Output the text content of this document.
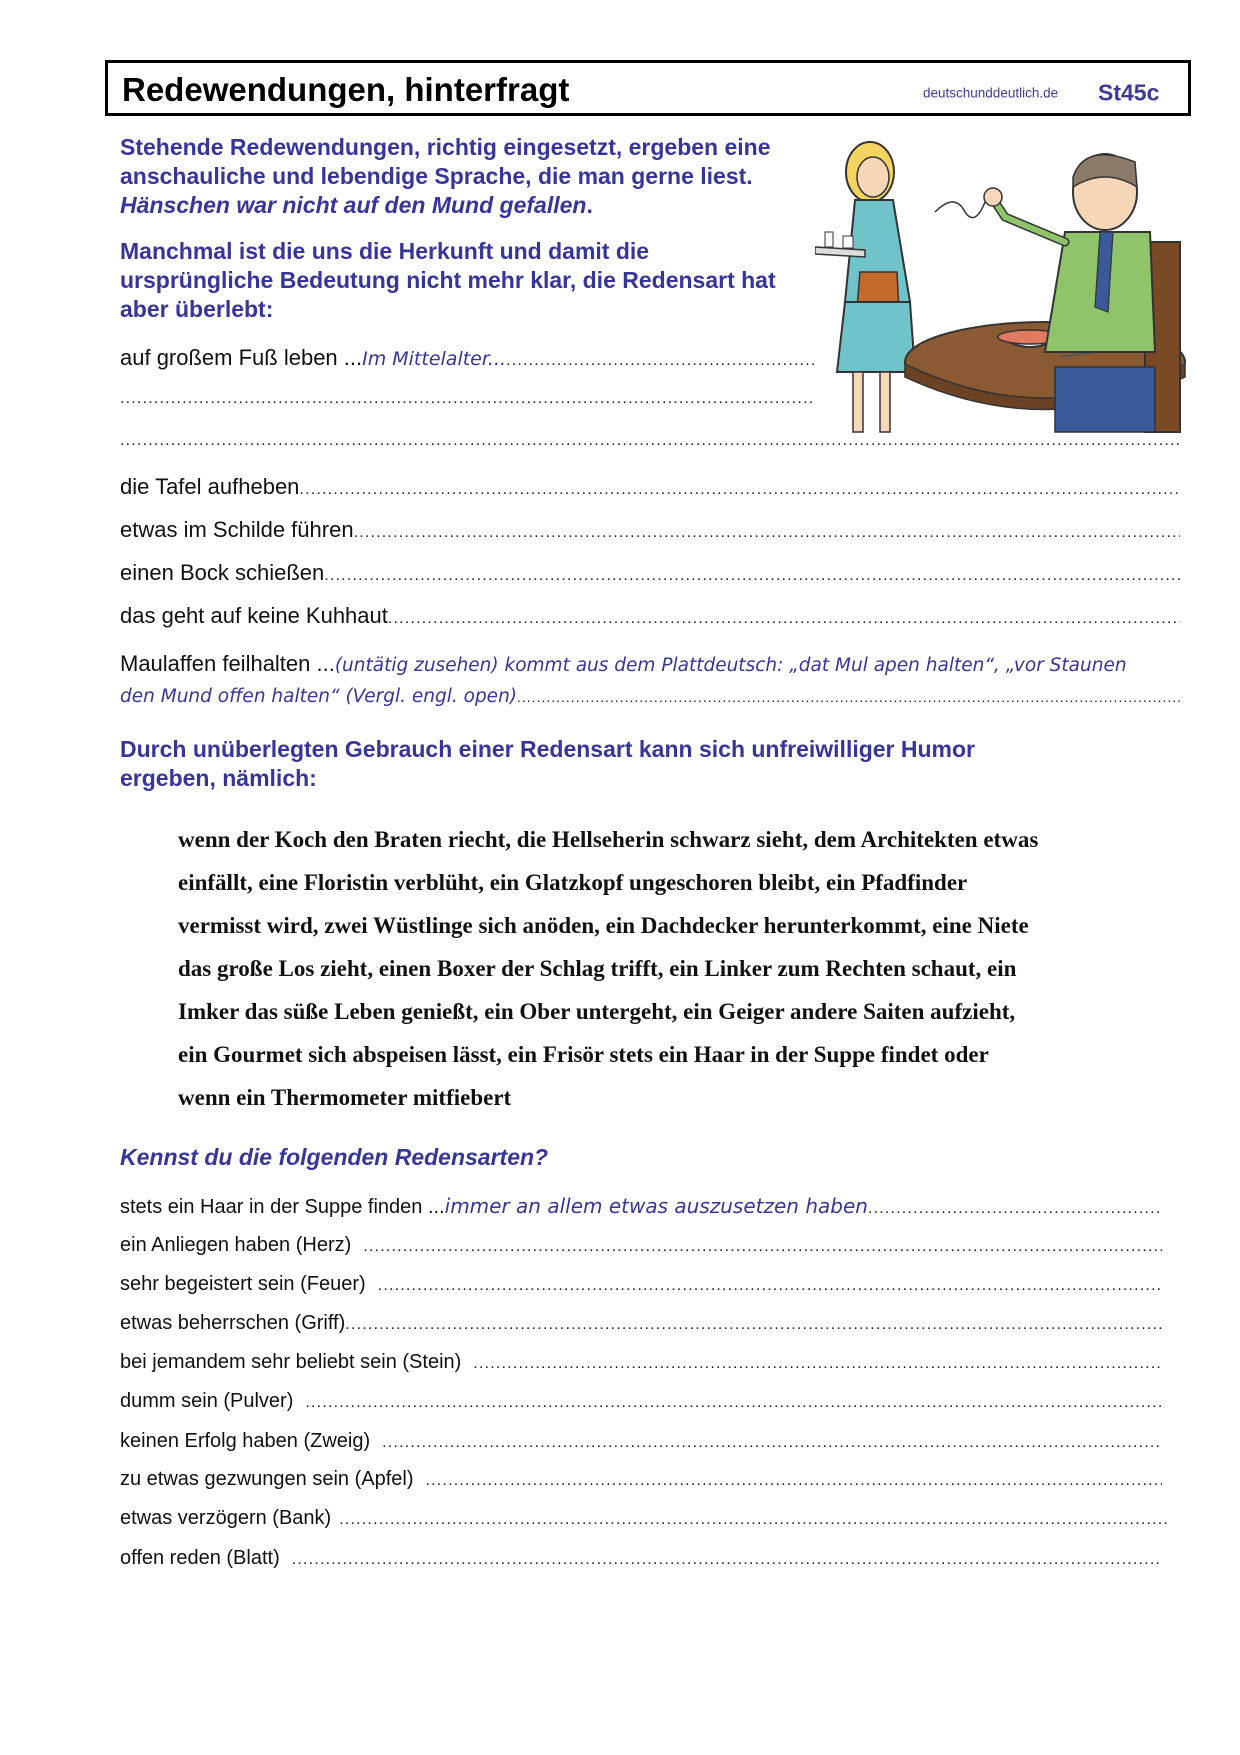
Redewendungen, hinterfragt	deutschunddeutlich.de St45c

Stehende Redewendungen, richtig eingesetzt, ergeben eine

anschauliche und lebendige Sprache, die man gerne liest.

Hänschen war nicht auf den Mund gefallen.

Manchmal ist die uns die Herkunft und damit die

ursprüngliche Bedeutung nicht mehr klar, die Redensart hat

aber überlebt:

auf großem Fuß leben ... Im Mittelalter...
.....
.....
.....
die Tafel aufheben
.....
etwas im Schilde führen
.....
einen Bock schießen
.....
das geht auf keine Kuhhaut
.....
Maulaffen feilhalten ...(untätig zusehen) kommt aus dem Plattdeutsch: „dat Mul apen halten“, „vor Staunen
den Mund offen halten“ (Vergl. engl. open)
.....
Durch unüberlegten Gebrauch einer Redensart kann sich unfreiwilliger Humor
ergeben, nämlich:
wenn der Koch den Braten riecht, die Hellseherin schwarz sieht, dem Architekten etwas
einfällt, eine Floristin verblüht, ein Glatzkopf ungeschoren bleibt, ein Pfadfinder
vermisst wird, zwei Wüstlinge sich anöden, ein Dachdecker herunterkommt, eine Niete
das große Los zieht, einen Boxer der Schlag trifft, ein Linker zum Rechten schaut, ein
Imker das süße Leben genießt, ein Ober untergeht, ein Geiger andere Saiten aufzieht,
ein Gourmet sich abspeisen lässt, ein Frisör stets ein Haar in der Suppe findet oder
wenn ein Thermometer mitfiebert
Kennst du die folgenden Redensarten?
stets ein Haar in der Suppe finden ... immer an allem etwas auszusetzen haben
.....
ein Anliegen haben (Herz)
.....
sehr begeistert sein (Feuer)
.....
etwas beherrschen (Griff)
.....
bei jemandem sehr beliebt sein (Stein)
.....
dumm sein (Pulver)
.....
keinen Erfolg haben (Zweig)
.....
zu etwas gezwungen sein (Apfel)
.....
etwas verzögern (Bank)
.....
offen reden (Blatt)
.....
